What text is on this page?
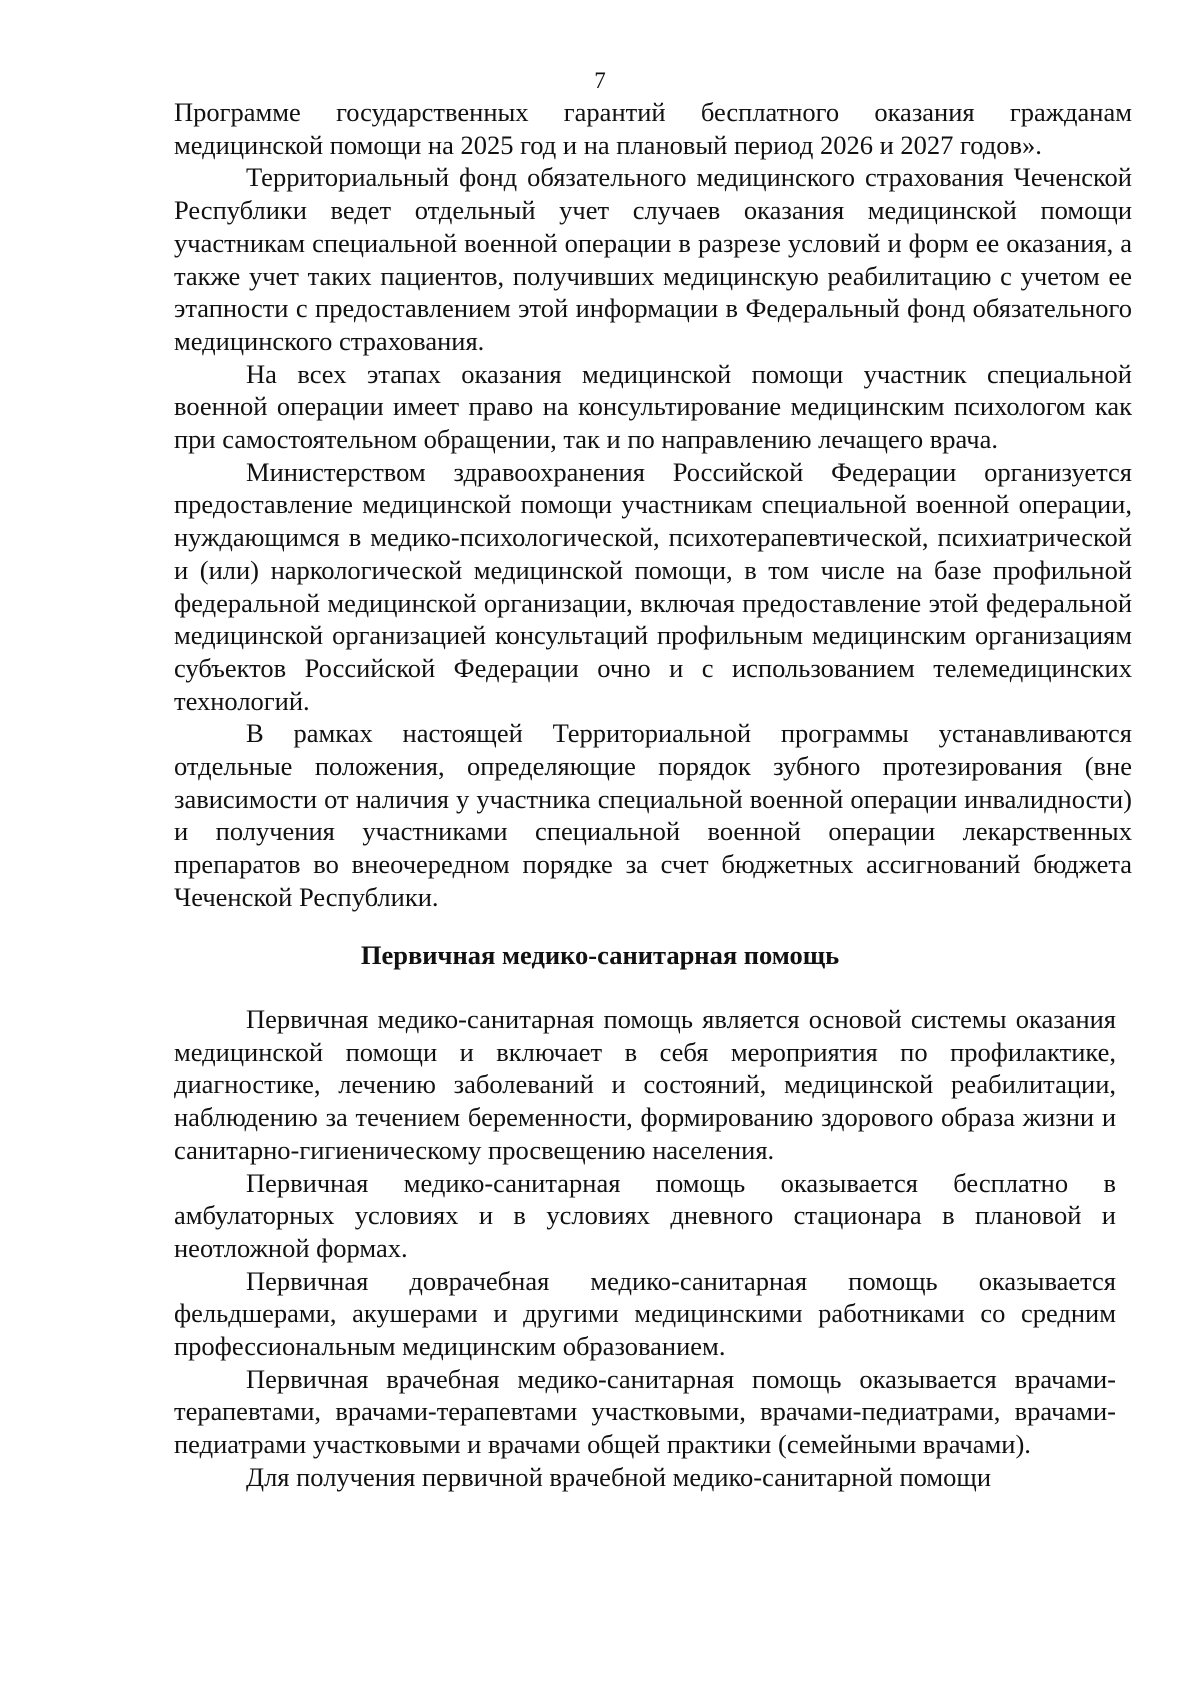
7

Программе государственных гарантий бесплатного оказания гражданам медицинской помощи на 2025 год и на плановый период 2026 и 2027 годов».

Территориальный фонд обязательного медицинского страхования Чеченской Республики ведет отдельный учет случаев оказания медицинской помощи участникам специальной военной операции в разрезе условий и форм ее оказания, а также учет таких пациентов, получивших медицинскую реабилитацию с учетом ее этапности с предоставлением этой информации в Федеральный фонд обязательного медицинского страхования.

На всех этапах оказания медицинской помощи участник специальной военной операции имеет право на консультирование медицинским психологом как при самостоятельном обращении, так и по направлению лечащего врача.

Министерством здравоохранения Российской Федерации организуется предоставление медицинской помощи участникам специальной военной операции, нуждающимся в медико-психологической, психотерапевтической, психиатрической и (или) наркологической медицинской помощи, в том числе на базе профильной федеральной медицинской организации, включая предоставление этой федеральной медицинской организацией консультаций профильным медицинским организациям субъектов Российской Федерации очно и с использованием телемедицинских технологий.

В рамках настоящей Территориальной программы устанавливаются отдельные положения, определяющие порядок зубного протезирования (вне зависимости от наличия у участника специальной военной операции инвалидности) и получения участниками специальной военной операции лекарственных препаратов во внеочередном порядке за счет бюджетных ассигнований бюджета Чеченской Республики.

Первичная медико-санитарная помощь

Первичная медико-санитарная помощь является основой системы оказания медицинской помощи и включает в себя мероприятия по профилактике, диагностике, лечению заболеваний и состояний, медицинской реабилитации, наблюдению за течением беременности, формированию здорового образа жизни и санитарно-гигиеническому просвещению населения.

Первичная медико-санитарная помощь оказывается бесплатно в амбулаторных условиях и в условиях дневного стационара в плановой и неотложной формах.

Первичная доврачебная медико-санитарная помощь оказывается фельдшерами, акушерами и другими медицинскими работниками со средним профессиональным медицинским образованием.

Первичная врачебная медико-санитарная помощь оказывается врачами-терапевтами, врачами-терапевтами участковыми, врачами-педиатрами, врачами-педиатрами участковыми и врачами общей практики (семейными врачами).

Для получения первичной врачебной медико-санитарной помощи
